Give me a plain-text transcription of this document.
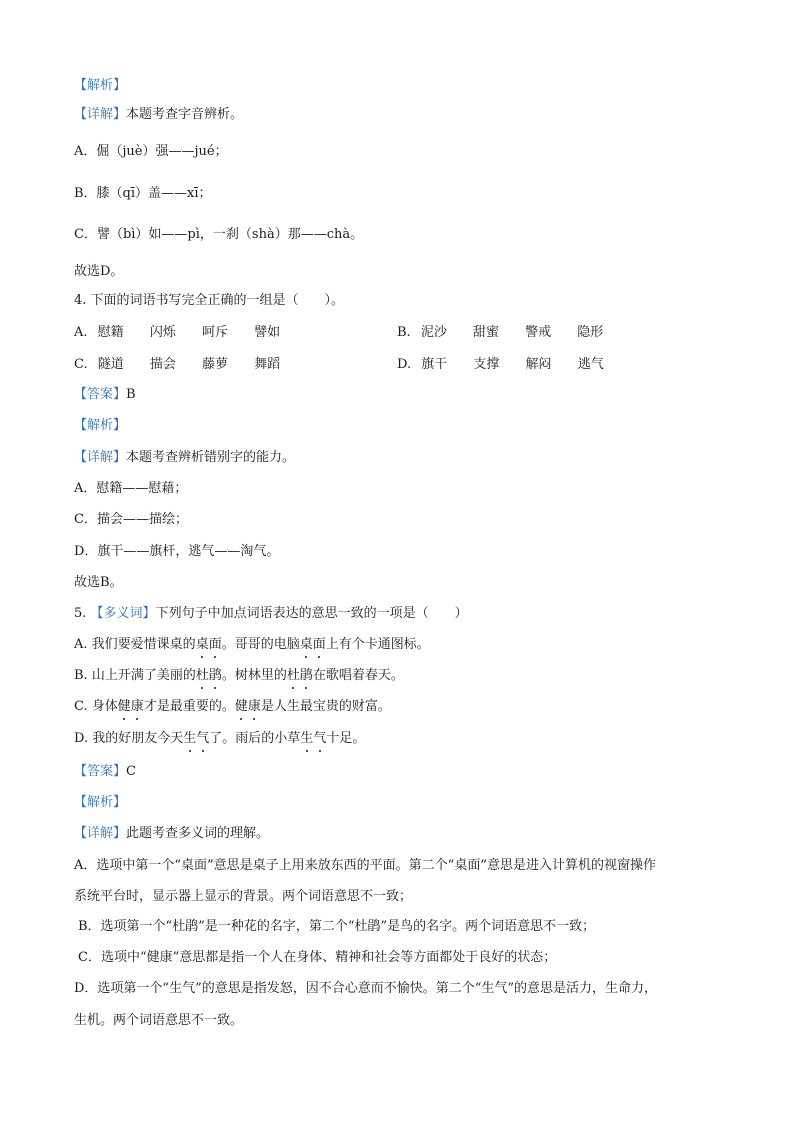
【解析】
【详解】本题考查字音辨析。
A．倔（juè）强——jué；
B．膝（qī）盖——xī；
C．譬（bì）如——pì，一刹（shà）那——chà。
故选D。
4. 下面的词语书写完全正确的一组是（　　）。
A. 慰籍 闪烁 呵斥 譬如	B. 泥沙 甜蜜 警戒 隐形
C. 隧道 描会 藤萝 舞蹈	D. 旗干 支撑 解闷 逃气
【答案】B
【解析】
【详解】本题考查辨析错别字的能力。
A．慰籍——慰藉；
C．描会——描绘；
D．旗干——旗杆，逃气——淘气。
故选B。
5. 【多义词】下列句子中加点词语表达的意思一致的一项是（　　）
A. 我们要爱惜课桌的桌面。哥哥的电脑桌面上有个卡通图标。
B. 山上开满了美丽的杜鹃。树林里的杜鹃在歌唱着春天。
C. 身体健康才是最重要的。健康是人生最宝贵的财富。
D. 我的好朋友今天生气了。雨后的小草生气十足。
【答案】C
【解析】
【详解】此题考查多义词的理解。
A．选项中第一个“桌面”意思是桌子上用来放东西的平面。第二个“桌面”意思是进入计算机的视窗操作
系统平台时，显示器上显示的背景。两个词语意思不一致；
B．选项第一个“杜鹃”是一种花的名字，第二个“杜鹃”是鸟的名字。两个词语意思不一致；
C．选项中“健康”意思都是指一个人在身体、精神和社会等方面都处于良好的状态；
D．选项第一个“生气”的意思是指发怒，因不合心意而不愉快。第二个“生气”的意思是活力，生命力，
生机。两个词语意思不一致。
